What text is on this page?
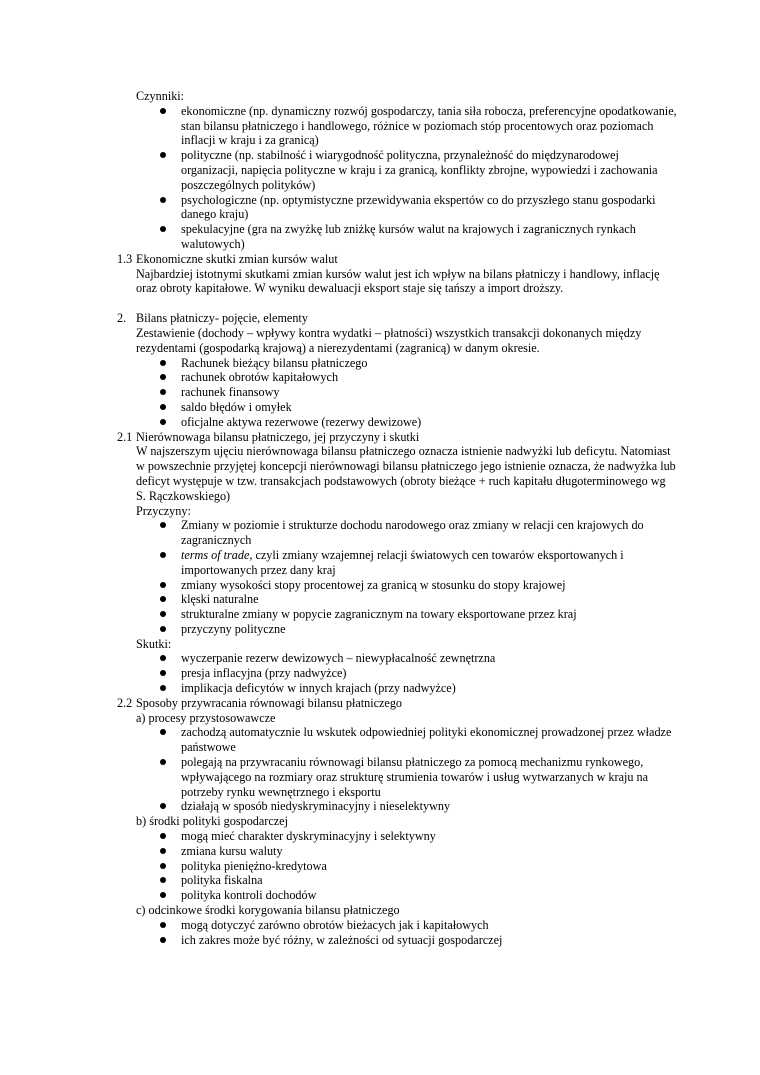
Czynniki:
ekonomiczne (np. dynamiczny rozwój gospodarczy, tania siła robocza, preferencyjne opodatkowanie, stan bilansu płatniczego i handlowego, różnice w poziomach stóp procentowych oraz poziomach inflacji w kraju i za granicą)
polityczne (np. stabilność i wiarygodność polityczna, przynależność do międzynarodowej organizacji, napięcia polityczne w kraju i za granicą, konflikty zbrojne, wypowiedzi i zachowania poszczególnych polityków)
psychologiczne (np. optymistyczne przewidywania ekspertów co do przyszłego stanu gospodarki danego kraju)
spekulacyjne (gra na zwyżkę lub zniżkę kursów walut na krajowych i zagranicznych rynkach walutowych)
1.3 Ekonomiczne skutki zmian kursów walut
Najbardziej istotnymi skutkami zmian kursów walut jest ich wpływ na bilans płatniczy i handlowy, inflację oraz obroty kapitałowe. W wyniku dewaluacji eksport staje się tańszy a import droższy.
2. Bilans płatniczy- pojęcie, elementy
Zestawienie (dochody – wpływy kontra wydatki – płatności) wszystkich transakcji dokonanych między rezydentami (gospodarką krajową) a nierezydentami (zagranicą) w danym okresie.
Rachunek bieżący bilansu płatniczego
rachunek obrotów kapitałowych
rachunek finansowy
saldo błędów i omyłek
oficjalne aktywa rezerwowe (rezerwy dewizowe)
2.1 Nierównowaga bilansu płatniczego, jej przyczyny i skutki
W najszerszym ujęciu nierównowaga bilansu płatniczego oznacza istnienie nadwyżki lub deficytu. Natomiast w powszechnie przyjętej koncepcji nierównowagi bilansu płatniczego jego istnienie oznacza, że nadwyżka lub deficyt występuje w tzw. transakcjach podstawowych (obroty bieżące + ruch kapitału długoterminowego wg S. Rączkowskiego)
Przyczyny:
Zmiany w poziomie i strukturze dochodu narodowego oraz zmiany w relacji cen krajowych do zagranicznych
terms of trade, czyli zmiany wzajemnej relacji światowych cen towarów eksportowanych i importowanych przez dany kraj
zmiany wysokości stopy procentowej za granicą w stosunku do stopy krajowej
klęski naturalne
strukturalne zmiany w popycie zagranicznym na towary eksportowane przez kraj
przyczyny polityczne
Skutki:
wyczerpanie rezerw dewizowych – niewypłacalność zewnętrzna
presja inflacyjna (przy nadwyżce)
implikacja deficytów w innych krajach (przy nadwyżce)
2.2 Sposoby przywracania równowagi bilansu płatniczego
a) procesy przystosowawcze
zachodzą automatycznie lu wskutek odpowiedniej polityki ekonomicznej prowadzonej przez władze państwowe
polegają na przywracaniu równowagi bilansu płatniczego za pomocą mechanizmu rynkowego, wpływającego na rozmiary oraz strukturę strumienia towarów i usług wytwarzanych w kraju na potrzeby rynku wewnętrznego i eksportu
działają w sposób niedyskryminacyjny i nieselektywny
b) środki polityki gospodarczej
mogą mieć charakter dyskryminacyjny i selektywny
zmiana kursu waluty
polityka pieniężno-kredytowa
polityka fiskalna
polityka kontroli dochodów
c) odcinkowe środki korygowania bilansu płatniczego
mogą dotyczyć zarówno obrotów bieżacych jak i kapitałowych
ich zakres może być różny, w zależności od sytuacji gospodarczej
